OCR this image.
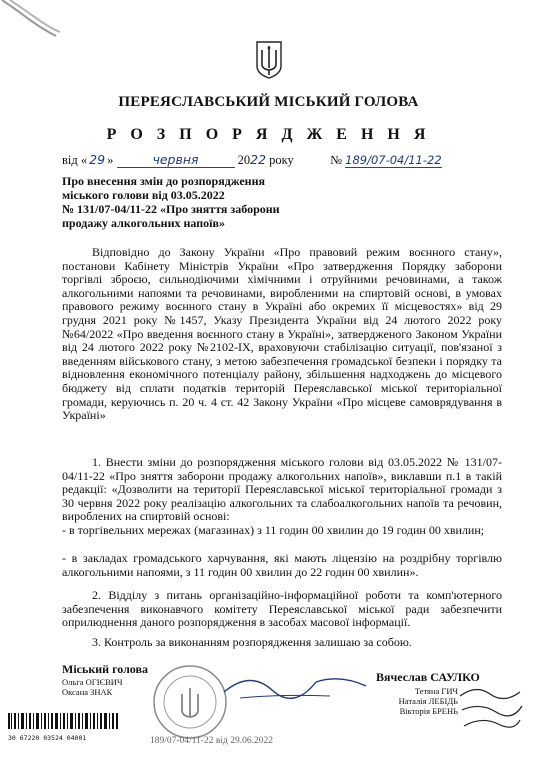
ПЕРЕЯСЛАВСЬКИЙ МІСЬКИЙ ГОЛОВА
Р О З П О Р Я Д Ж Е Н Н Я
від « 29 »	червня	2022 року	№ 189/07-04/11-22
Про внесення змін до розпорядження
міського голови від 03.05.2022
№ 131/07-04/11-22 «Про зняття заборони
продажу алкогольних напоїв»
Відповідно до Закону України «Про правовий режим воєнного стану», постанови Кабінету Міністрів України «Про затвердження Порядку заборони торгівлі зброєю, сильнодіючими хімічними і отруйними речовинами, а також алкогольними напоями та речовинами, виробленими на спиртовій основі, в умовах правового режиму воєнного стану в Україні або окремих її місцевостях» від 29 грудня 2021 року №1457, Указу Президента України від 24 лютого 2022 року №64/2022 «Про введення воєнного стану в Україні», затвердженого Законом України від 24 лютого 2022 року №2102-IX, враховуючи стабілізацію ситуації, пов'язаної з введенням військового стану, з метою забезпечення громадської безпеки і порядку та відновлення економічного потенціалу району, збільшення надходжень до місцевого бюджету від сплати податків територій Переяславської міської територіальної громади, керуючись п. 20 ч. 4 ст. 42 Закону України «Про місцеве самоврядування в Україні»
1. Внести зміни до розпорядження міського голови від 03.05.2022 № 131/07-04/11-22 «Про зняття заборони продажу алкогольних напоїв», виклавши п.1 в такій редакції: «Дозволити на території Переяславської міської територіальної громади з 30 червня 2022 року реалізацію алкогольних та слабоалкогольних напоїв та речовин, вироблених на спиртовій основі:
- в торгівельних мережах (магазинах) з 11 годин 00 хвилин до 19 годин 00 хвилин;
- в закладах громадського харчування, які мають ліцензію на роздрібну торгівлю алкогольними напоями, з 11 годин 00 хвилин до 22 годин 00 хвилин».
2. Відділу з питань організаційно-інформаційної роботи та комп'ютерного забезпечення виконавчого комітету Переяславської міської ради забезпечити оприлюднення даного розпорядження в засобах масової інформації.
3. Контроль за виконанням розпорядження залишаю за собою.
Міський голова
Ольга ОГІЄВИЧ
Оксана ЗНАК
Вячеслав САУЛКО
Тетяна ГИЧ
Наталія ЛЕБІДЬ
Вікторія БРЕНЬ
30 67220 03524 04001	189/07-04/11-22 від 29.06.2022
